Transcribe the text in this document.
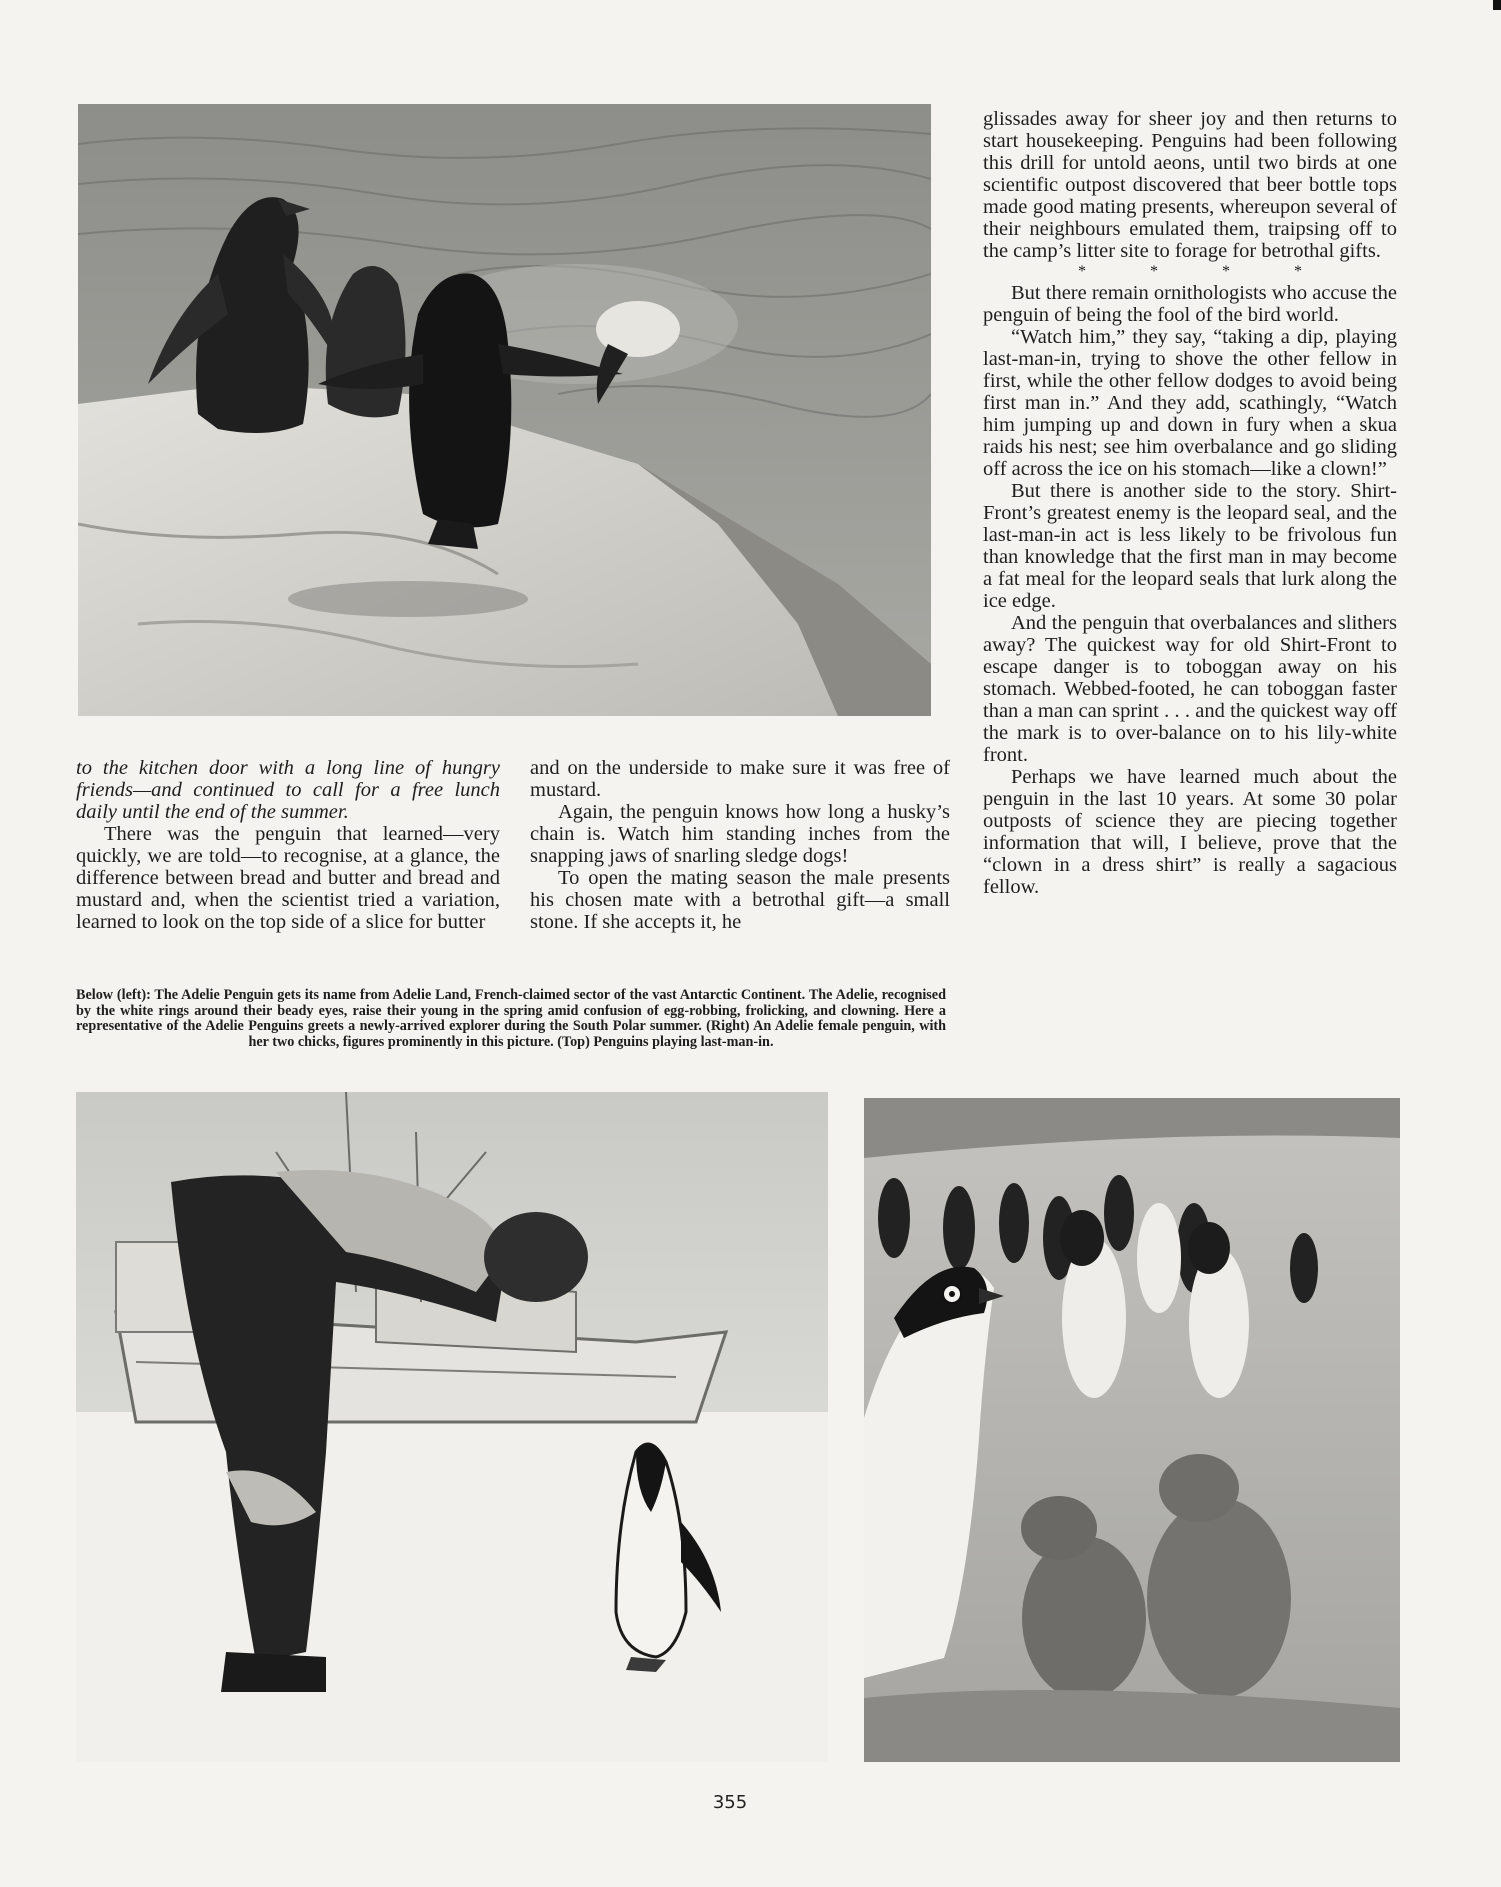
to the kitchen door with a long line of hungry friends—and continued to call for a free lunch daily until the end of the summer.

There was the penguin that learned—very quickly, we are told—to recognise, at a glance, the difference between bread and butter and bread and mustard and, when the scientist tried a variation, learned to look on the top side of a slice for butter

and on the underside to make sure it was free of mustard.

Again, the penguin knows how long a husky’s chain is. Watch him standing inches from the snapping jaws of snarling sledge dogs!

To open the mating season the male presents his chosen mate with a betrothal gift—a small stone. If she accepts it, he

Below (left): The Adelie Penguin gets its name from Adelie Land, French-claimed sector of the vast Antarctic Continent. The Adelie, recognised by the white rings around their beady eyes, raise their young in the spring amid confusion of egg-robbing, frolicking, and clowning. Here a representative of the Adelie Penguins greets a newly-arrived explorer during the South Polar summer. (Right) An Adelie female penguin, with her two chicks, figures prominently in this picture. (Top) Penguins playing last-man-in.

glissades away for sheer joy and then returns to start housekeeping. Penguins had been following this drill for untold aeons, until two birds at one scientific outpost discovered that beer bottle tops made good mating presents, whereupon several of their neighbours emulated them, traipsing off to the camp’s litter site to forage for betrothal gifts.

* * * *

But there remain ornithologists who accuse the penguin of being the fool of the bird world.

“Watch him,” they say, “taking a dip, playing last-man-in, trying to shove the other fellow in first, while the other fellow dodges to avoid being first man in.” And they add, scathingly, “Watch him jumping up and down in fury when a skua raids his nest; see him overbalance and go sliding off across the ice on his stomach—like a clown!”

But there is another side to the story. Shirt-Front’s greatest enemy is the leopard seal, and the last-man-in act is less likely to be frivolous fun than knowledge that the first man in may become a fat meal for the leopard seals that lurk along the ice edge.

And the penguin that overbalances and slithers away? The quickest way for old Shirt-Front to escape danger is to toboggan away on his stomach. Webbed-footed, he can toboggan faster than a man can sprint . . . and the quickest way off the mark is to over-balance on to his lily-white front.

Perhaps we have learned much about the penguin in the last 10 years. At some 30 polar outposts of science they are piecing together information that will, I believe, prove that the “clown in a dress shirt” is really a sagacious fellow.

355
